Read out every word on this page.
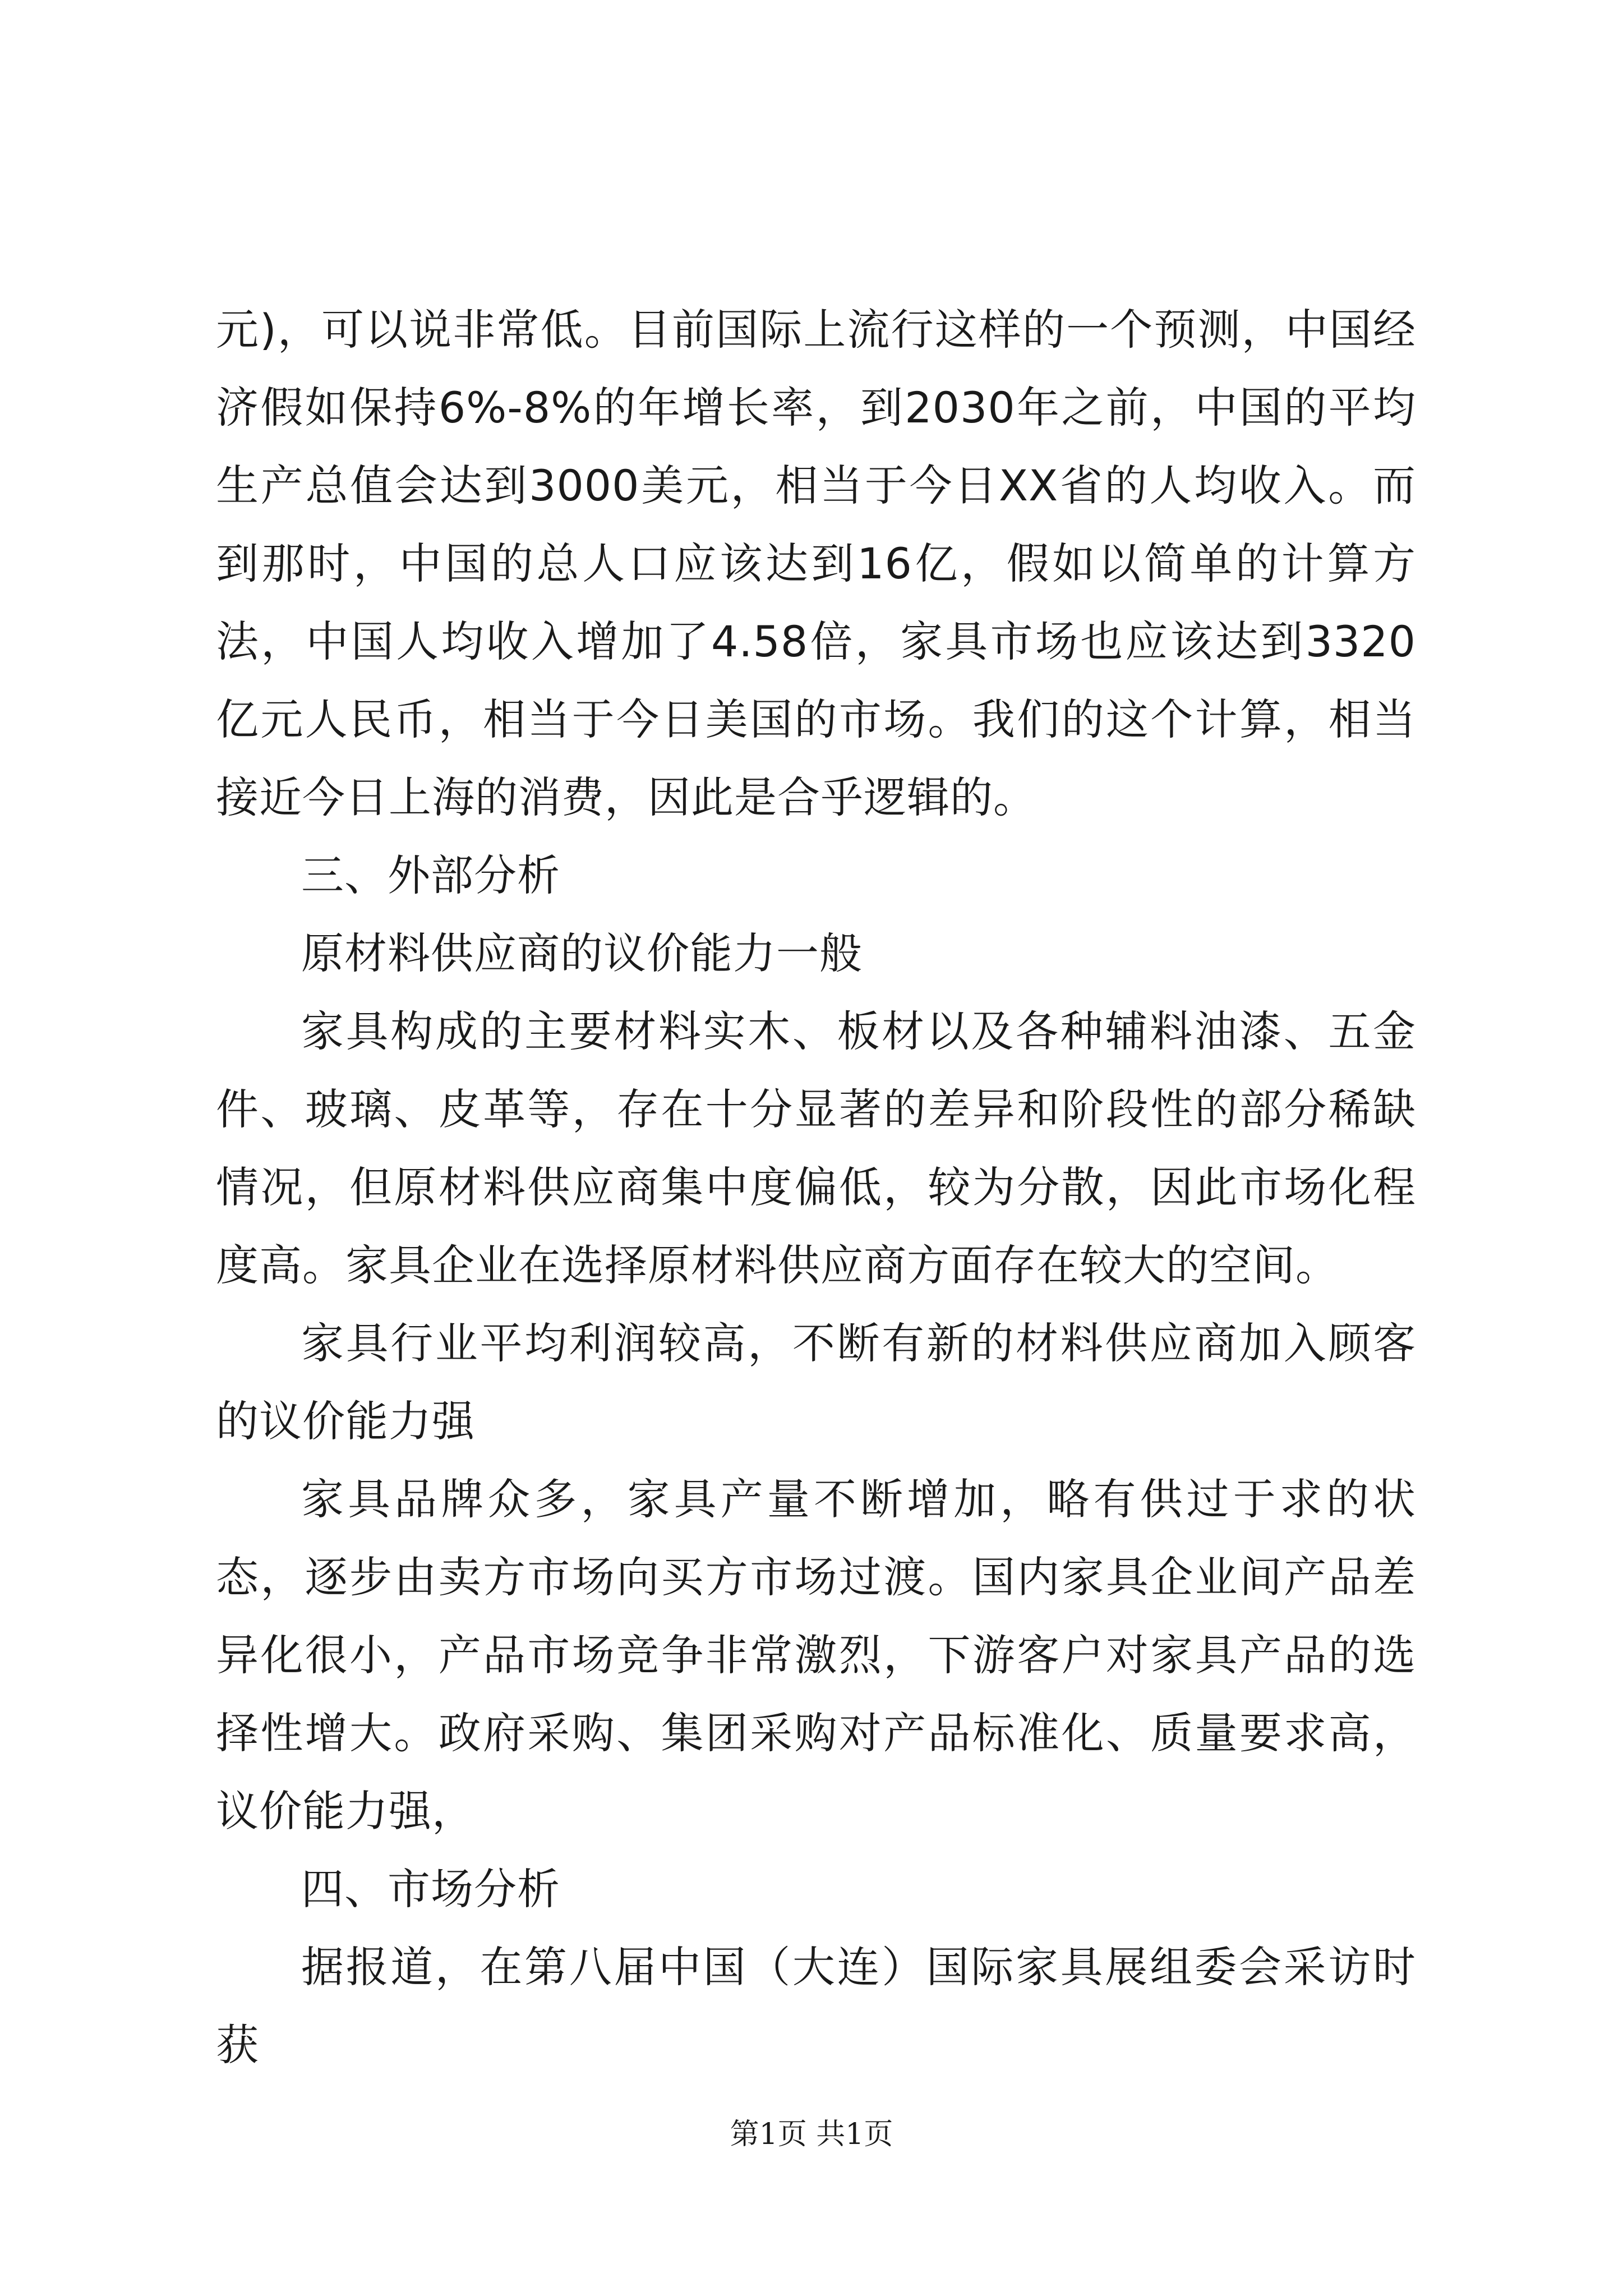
元)，可以说非常低。目前国际上流行这样的一个预测，中国经济假如保持6%-8%的年增长率，到2030年之前，中国的平均生产总值会达到3000美元，相当于今日XX省的人均收入。而到那时，中国的总人口应该达到16亿，假如以简单的计算方法，中国人均收入增加了4.58倍，家具市场也应该达到3320亿元人民币，相当于今日美国的市场。我们的这个计算，相当接近今日上海的消费，因此是合乎逻辑的。

三、外部分析

原材料供应商的议价能力一般

家具构成的主要材料实木、板材以及各种辅料油漆、五金件、玻璃、皮革等，存在十分显著的差异和阶段性的部分稀缺情况，但原材料供应商集中度偏低，较为分散，因此市场化程度高。家具企业在选择原材料供应商方面存在较大的空间。

家具行业平均利润较高，不断有新的材料供应商加入顾客的议价能力强

家具品牌众多，家具产量不断增加，略有供过于求的状态，逐步由卖方市场向买方市场过渡。国内家具企业间产品差异化很小，产品市场竞争非常激烈，下游客户对家具产品的选择性增大。政府采购、集团采购对产品标准化、质量要求高，议价能力强，

四、市场分析

据报道，在第八届中国（大连）国际家具展组委会采访时获

第1页 共1页
